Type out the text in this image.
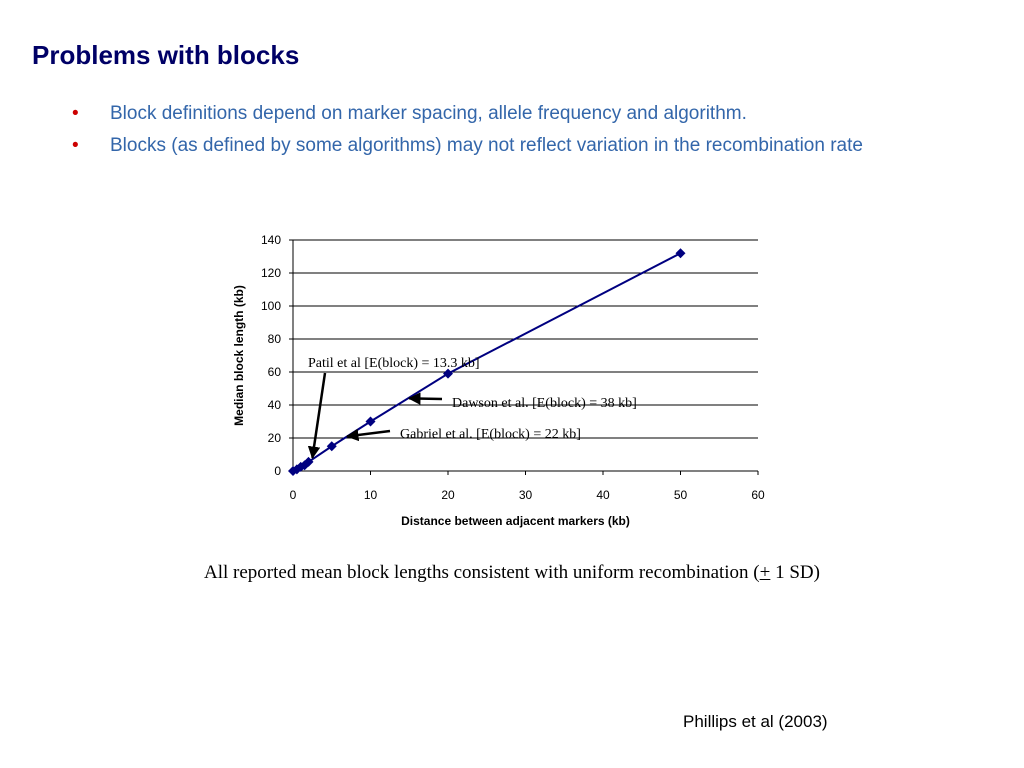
Problems with blocks
• Block definitions depend on marker spacing, allele frequency and algorithm.
• Blocks (as defined by some algorithms) may not reflect variation in the recombination rate
0
20
40
60
80
100
120
140
0	10	20	30	40	50	60
Distance between adjacent markers (kb)
Median block length (kb)	Patil et al [E(block) = 13.3 kb]
Dawson et al. [E(block) = 38 kb]
Gabriel et al. [E(block) = 22 kb]
All reported mean block lengths consistent with uniform recombination (+ 1 SD)
Phillips et al (2003)
